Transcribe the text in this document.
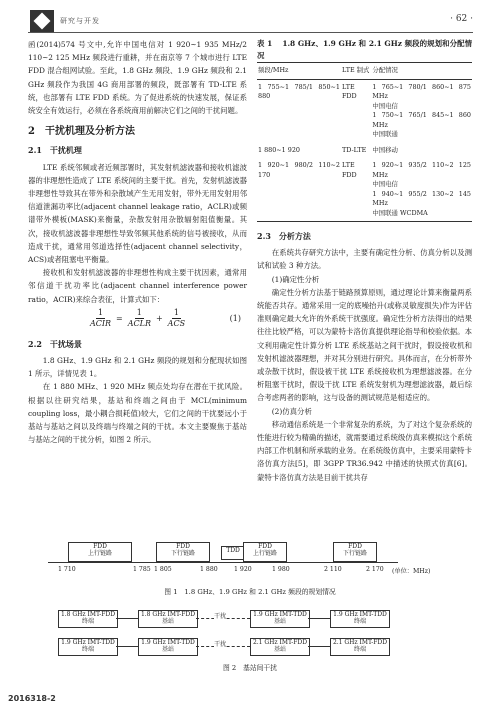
研究与开发	· 62 ·

函(2014)574 号文中,允许中国电信对 1 920~1 935 MHz/2 110~2 125 MHz 频段进行重耕，并在南京等 7 个城市进行 LTE FDD 混合组网试验。至此，1.8 GHz 频段、1.9 GHz 频段和 2.1 GHz 频段作为我国 4G 商用部署的频段，既部署有 TD-LTE 系统，也部署有 LTE FDD 系统。为了促进系统的快速发展，保证系统安全有效运行，必须在各系统商用前解决它们之间的干扰问题。

2　干扰机理及分析方法
2.1　干扰机理

LTE 系统邻频或者近频部署时，其发射机滤波器和接收机滤波器的非理想性造成了 LTE 系统间的主要干扰。首先，发射机滤波器非理想性导致其在带外和杂散域产生无用发射，带外无用发射用邻信道泄漏功率比(adjacent channel leakage ratio，ACLR)或频谱带外模板(MASK)来衡量，杂散发射用杂散辐射阻值衡量。其次，接收机滤波器非理想性导致邻频其他系统的信号被接收，从而造成干扰，通常用邻道选择性(adjacent channel selectivity，ACS)或者阻塞电平衡量。

接收机和发射机滤波器的非理想性构成主要干扰因素，通常用邻信道干扰功率比(adjacent channel interference power ratio，ACIR)来综合表征，计算式如下：

$\frac{1}{\text{ACIR}} = \frac{1}{\text{ACLR}} + \frac{1}{\text{ACS}}$	(1)
2.2　干扰场景

1.8 GHz、1.9 GHz 和 2.1 GHz 频段的规划和分配现状如图 1 所示，详情见表 1。

在 1 880 MHz、1 920 MHz 频点处均存在潜在干扰风险。根据以往研究结果，基站和终端之间由于 MCL(minimum coupling loss，最小耦合损耗值)较大，它们之间的干扰要远小于基站与基站之间以及终端与终端之间的干扰。本文主要聚焦于基站与基站之间的干扰分析，如图 2 所示。

表 1 1.8 GHz、1.9 GHz 和 2.1 GHz 频段的规划和分配情况
频段/MHz	LTE 制式	分配情况
1 755~1 785/1 850~1 880	LTE FDD	1 765~1 780/1 860~1 875 MHz
中国电信
1 750~1 765/1 845~1 860 MHz
中国联通
1 880~1 920	TD-LTE	中国移动
1 920~1 980/2 110~2 170	LTE FDD	1 920~1 935/2 110~2 125 MHz
中国电信
1 940~1 955/2 130~2 145 MHz
中国联通 WCDMA
2.3　分析方法

在系统共存研究方法中，主要有确定性分析、仿真分析以及测试和试验 3 种方法。

(1)确定性分析

确定性分析方法基于链路预算原则，通过理论计算来衡量两系统能否共存。通常采用一定的底噪抬升(或称灵敏度损失)作为评估准则确定最大允许的外系统干扰强度。确定性分析方法得出的结果往往比较严格，可以为蒙特卡洛仿真提供理论指导和校验依据。本文利用确定性计算分析 LTE 系统基站之间干扰时，假设接收机和发射机滤波器理想，并对其分别进行研究。具体而言，在分析带外或杂散干扰时，假设被干扰 LTE 系统接收机为理想滤波器。在分析阻塞干扰时，假设干扰 LTE 系统发射机为理想滤波器，最后综合考虑两者的影响，这与设备的测试规范是相适应的。

(2)仿真分析

移动通信系统是一个非常复杂的系统，为了对这个复杂系统的性能进行较为精确的描述，就需要通过系统级仿真来模拟这个系统内部工作机制和所承载的业务。在系统级仿真中，主要采用蒙特卡洛仿真方法[5]，即 3GPP TR36.942 中描述的快照式仿真[6]。蒙特卡洛仿真方法是目前干扰共存

FDD
上行链路
FDD
下行链路	TDD
FDD
上行链路
FDD
下行链路
1 710	1 785 1 805	1 880	1 920	1 980	2 110	2 170 (单位：MHz)
图 1　1.8 GHz、1.9 GHz 和 2.1 GHz 频段的规划情况
1.8 GHz IMT-FDD
终端
1.8 GHz IMT-FDD
基站
1.9 GHz IMT-TDD
基站
1.9 GHz IMT-TDD
终端
干扰
1.9 GHz IMT-TDD
终端
1.9 GHz IMT-TDD
基站
2.1 GHz IMT-FDD
基站
2.1 GHz IMT-FDD
终端
干扰
图 2　基站间干扰
2016318-2
